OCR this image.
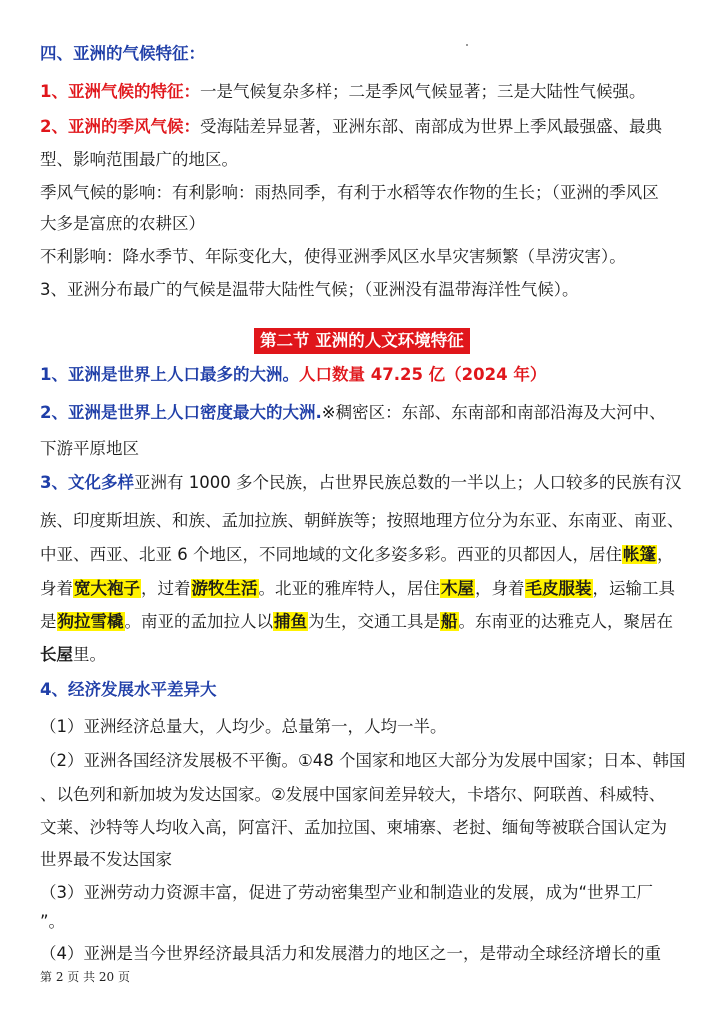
四、亚洲的气候特征：
1、亚洲气候的特征：一是气候复杂多样；二是季风气候显著；三是大陆性气候强。
2、亚洲的季风气候：受海陆差异显著，亚洲东部、南部成为世界上季风最强盛、最典
型、影响范围最广的地区。
季风气候的影响：有利影响：雨热同季，有利于水稻等农作物的生长；（亚洲的季风区
大多是富庶的农耕区）
不利影响：降水季节、年际变化大，使得亚洲季风区水旱灾害频繁（旱涝灾害）。
3、亚洲分布最广的气候是温带大陆性气候；（亚洲没有温带海洋性气候）。
第二节 亚洲的人文环境特征
1、亚洲是世界上人口最多的大洲。人口数量 47.25 亿（2024 年）
2、亚洲是世界上人口密度最大的大洲.※稠密区：东部、东南部和南部沿海及大河中、
下游平原地区
3、文化多样亚洲有 1000 多个民族，占世界民族总数的一半以上；人口较多的民族有汉
族、印度斯坦族、和族、孟加拉族、朝鲜族等；按照地理方位分为东亚、东南亚、南亚、
中亚、西亚、北亚 6 个地区，不同地域的文化多姿多彩。西亚的贝都因人，居住帐篷，
身着宽大袍子，过着游牧生活。北亚的雅库特人，居住木屋，身着毛皮服装，运输工具
是狗拉雪橇。南亚的孟加拉人以捕鱼为生，交通工具是船。东南亚的达雅克人，聚居在
长屋里。
4、经济发展水平差异大
（1）亚洲经济总量大，人均少。总量第一，人均一半。
（2）亚洲各国经济发展极不平衡。①48 个国家和地区大部分为发展中国家；日本、韩国
、以色列和新加坡为发达国家。②发展中国家间差异较大，卡塔尔、阿联酋、科威特、
文莱、沙特等人均收入高，阿富汗、孟加拉国、柬埔寨、老挝、缅甸等被联合国认定为
世界最不发达国家
（3）亚洲劳动力资源丰富，促进了劳动密集型产业和制造业的发展，成为“世界工厂
”。
（4）亚洲是当今世界经济最具活力和发展潜力的地区之一，是带动全球经济增长的重
第 2 页 共 20 页
